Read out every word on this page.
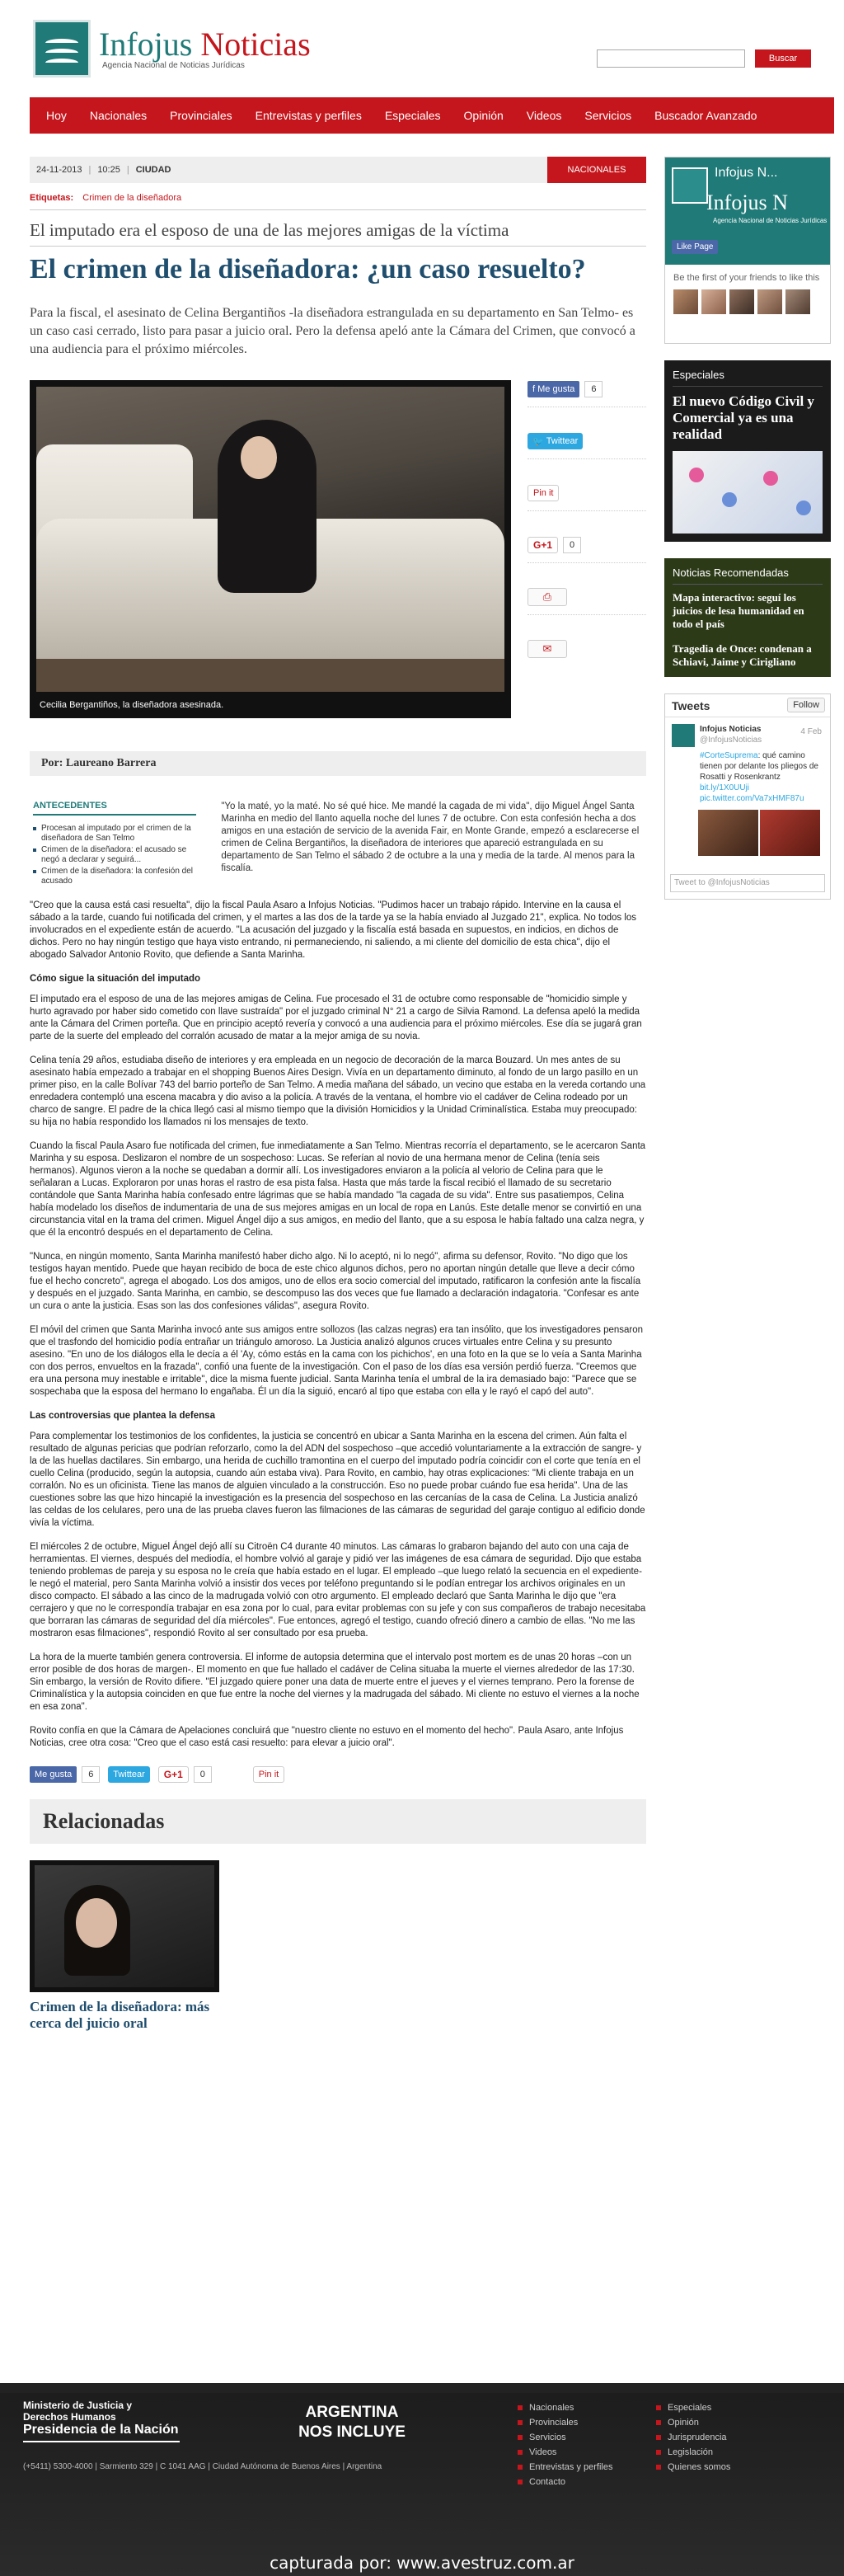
Infojus Noticias
Agencia Nacional de Noticias Jurídicas
Buscar
Hoy	Nacionales	Provinciales	Entrevistas y perfiles	Especiales	Opinión	Videos	Servicios	Buscador Avanzado
24-11-2013 | 10:25 | CIUDAD	NACIONALES
Etiquetas: Crimen de la diseñadora
El imputado era el esposo de una de las mejores amigas de la víctima
El crimen de la diseñadora: ¿un caso resuelto?

Para la fiscal, el asesinato de Celina Bergantiños -la diseñadora estrangulada en su departamento en San Telmo- es un caso casi cerrado, listo para pasar a juicio oral. Pero la defensa apeló ante la Cámara del Crimen, que convocó a una audiencia para el próximo miércoles.

Cecilia Bergantiños, la diseñadora asesinada.
f Me gusta	6
🐦 Twittear
Pin it
G+1	0
⎙
✉
Por: Laureano Barrera
ANTECEDENTES
Procesan al imputado por el crimen de la diseñadora de San Telmo
Crimen de la diseñadora: el acusado se negó a declarar y seguirá...
Crimen de la diseñadora: la confesión del acusado
"Yo la maté, yo la maté. No sé qué hice. Me mandé la cagada de mi vida", dijo Miguel Ángel Santa Marinha en medio del llanto aquella noche del lunes 7 de octubre. Con esta confesión hecha a dos amigos en una estación de servicio de la avenida Fair, en Monte Grande, empezó a esclarecerse el crimen de Celina Bergantiños, la diseñadora de interiores que apareció estrangulada en su departamento de San Telmo el sábado 2 de octubre a la una y media de la tarde. Al menos para la fiscalía.

"Creo que la causa está casi resuelta", dijo la fiscal Paula Asaro a Infojus Noticias. "Pudimos hacer un trabajo rápido. Intervine en la causa el sábado a la tarde, cuando fui notificada del crimen, y el martes a las dos de la tarde ya se la había enviado al Juzgado 21", explica. No todos los involucrados en el expediente están de acuerdo. "La acusación del juzgado y la fiscalía está basada en supuestos, en indicios, en dichos de dichos. Pero no hay ningún testigo que haya visto entrando, ni permaneciendo, ni saliendo, a mi cliente del domicilio de esta chica", dijo el abogado Salvador Antonio Rovito, que defiende a Santa Marinha.

Cómo sigue la situación del imputado

El imputado era el esposo de una de las mejores amigas de Celina. Fue procesado el 31 de octubre como responsable de "homicidio simple y hurto agravado por haber sido cometido con llave sustraída" por el juzgado criminal N° 21 a cargo de Silvia Ramond. La defensa apeló la medida ante la Cámara del Crimen porteña. Que en principio aceptó revería y convocó a una audiencia para el próximo miércoles. Ese día se jugará gran parte de la suerte del empleado del corralón acusado de matar a la mejor amiga de su novia.

Celina tenía 29 años, estudiaba diseño de interiores y era empleada en un negocio de decoración de la marca Bouzard. Un mes antes de su asesinato había empezado a trabajar en el shopping Buenos Aires Design. Vivía en un departamento diminuto, al fondo de un largo pasillo en un primer piso, en la calle Bolívar 743 del barrio porteño de San Telmo. A media mañana del sábado, un vecino que estaba en la vereda cortando una enredadera contempló una escena macabra y dio aviso a la policía. A través de la ventana, el hombre vio el cadáver de Celina rodeado por un charco de sangre. El padre de la chica llegó casi al mismo tiempo que la división Homicidios y la Unidad Criminalística. Estaba muy preocupado: su hija no había respondido los llamados ni los mensajes de texto.

Cuando la fiscal Paula Asaro fue notificada del crimen, fue inmediatamente a San Telmo. Mientras recorría el departamento, se le acercaron Santa Marinha y su esposa. Deslizaron el nombre de un sospechoso: Lucas. Se referían al novio de una hermana menor de Celina (tenía seis hermanos). Algunos vieron a la noche se quedaban a dormir allí. Los investigadores enviaron a la policía al velorio de Celina para que le señalaran a Lucas. Exploraron por unas horas el rastro de esa pista falsa. Hasta que más tarde la fiscal recibió el llamado de su secretario contándole que Santa Marinha había confesado entre lágrimas que se había mandado "la cagada de su vida". Entre sus pasatiempos, Celina había modelado los diseños de indumentaria de una de sus mejores amigas en un local de ropa en Lanús. Este detalle menor se convirtió en una circunstancia vital en la trama del crimen. Miguel Ángel dijo a sus amigos, en medio del llanto, que a su esposa le había faltado una calza negra, y que él la encontró después en el departamento de Celina.

"Nunca, en ningún momento, Santa Marinha manifestó haber dicho algo. Ni lo aceptó, ni lo negó", afirma su defensor, Rovito. "No digo que los testigos hayan mentido. Puede que hayan recibido de boca de este chico algunos dichos, pero no aportan ningún detalle que lleve a decir cómo fue el hecho concreto", agrega el abogado. Los dos amigos, uno de ellos era socio comercial del imputado, ratificaron la confesión ante la fiscalía y después en el juzgado. Santa Marinha, en cambio, se descompuso las dos veces que fue llamado a declaración indagatoria. "Confesar es ante un cura o ante la justicia. Esas son las dos confesiones válidas", asegura Rovito.

El móvil del crimen que Santa Marinha invocó ante sus amigos entre sollozos (las calzas negras) era tan insólito, que los investigadores pensaron que el trasfondo del homicidio podía entrañar un triángulo amoroso. La Justicia analizó algunos cruces virtuales entre Celina y su presunto asesino. "En uno de los diálogos ella le decía a él 'Ay, cómo estás en la cama con los pichichos', en una foto en la que se lo veía a Santa Marinha con dos perros, envueltos en la frazada", confió una fuente de la investigación. Con el paso de los días esa versión perdió fuerza. "Creemos que era una persona muy inestable e irritable", dice la misma fuente judicial. Santa Marinha tenía el umbral de la ira demasiado bajo: "Parece que se sospechaba que la esposa del hermano lo engañaba. Él un día la siguió, encaró al tipo que estaba con ella y le rayó el capó del auto".

Las controversias que plantea la defensa

Para complementar los testimonios de los confidentes, la justicia se concentró en ubicar a Santa Marinha en la escena del crimen. Aún falta el resultado de algunas pericias que podrían reforzarlo, como la del ADN del sospechoso –que accedió voluntariamente a la extracción de sangre- y la de las huellas dactilares. Sin embargo, una herida de cuchillo tramontina en el cuerpo del imputado podría coincidir con el corte que tenía en el cuello Celina (producido, según la autopsia, cuando aún estaba viva). Para Rovito, en cambio, hay otras explicaciones: "Mi cliente trabaja en un corralón. No es un oficinista. Tiene las manos de alguien vinculado a la construcción. Eso no puede probar cuándo fue esa herida". Una de las cuestiones sobre las que hizo hincapié la investigación es la presencia del sospechoso en las cercanías de la casa de Celina. La Justicia analizó las celdas de los celulares, pero una de las prueba claves fueron las filmaciones de las cámaras de seguridad del garaje contiguo al edificio donde vivía la víctima.

El miércoles 2 de octubre, Miguel Ángel dejó allí su Citroën C4 durante 40 minutos. Las cámaras lo grabaron bajando del auto con una caja de herramientas. El viernes, después del mediodía, el hombre volvió al garaje y pidió ver las imágenes de esa cámara de seguridad. Dijo que estaba teniendo problemas de pareja y su esposa no le creía que había estado en el lugar. El empleado –que luego relató la secuencia en el expediente- le negó el material, pero Santa Marinha volvió a insistir dos veces por teléfono preguntando si le podían entregar los archivos originales en un disco compacto. El sábado a las cinco de la madrugada volvió con otro argumento. El empleado declaró que Santa Marinha le dijo que "era cerrajero y que no le correspondía trabajar en esa zona por lo cual, para evitar problemas con su jefe y con sus compañeros de trabajo necesitaba que borraran las cámaras de seguridad del día miércoles". Fue entonces, agregó el testigo, cuando ofreció dinero a cambio de ellas. "No me las mostraron esas filmaciones", respondió Rovito al ser consultado por esa prueba.

La hora de la muerte también genera controversia. El informe de autopsia determina que el intervalo post mortem es de unas 20 horas –con un error posible de dos horas de margen-. El momento en que fue hallado el cadáver de Celina situaba la muerte el viernes alrededor de las 17:30. Sin embargo, la versión de Rovito difiere. "El juzgado quiere poner una data de muerte entre el jueves y el viernes temprano. Pero la forense de Criminalística y la autopsia coinciden en que fue entre la noche del viernes y la madrugada del sábado. Mi cliente no estuvo el viernes a la noche en esa zona".

Rovito confía en que la Cámara de Apelaciones concluirá que "nuestro cliente no estuvo en el momento del hecho". Paula Asaro, ante Infojus Noticias, cree otra cosa: "Creo que el caso está casi resuelto: para elevar a juicio oral".

Me gusta	6	Twittear	G+1	0	Pin it
Relacionadas
Crimen de la diseñadora: más cerca del juicio oral
Infojus N...
Infojus N
Agencia Nacional de Noticias Jurídicas
Like Page
Be the first of your friends to like this
Especiales
El nuevo Código Civil y Comercial ya es una realidad
Noticias Recomendadas
Mapa interactivo: seguí los juicios de lesa humanidad en todo el país
Tragedia de Once: condenan a Schiavi, Jaime y Cirigliano
Tweets	Follow
4 Feb
Infojus Noticias
@InfojusNoticias
#CorteSuprema: qué camino tienen por delante los pliegos de Rosatti y Rosenkrantz bit.ly/1X0UUji pic.twitter.com/Va7xHMF87u
Tweet to @InfojusNoticias
Ministerio de Justicia y Derechos Humanos
Presidencia de la Nación
ARGENTINA NOS INCLUYE
(+5411) 5300-4000 | Sarmiento 329 | C 1041 AAG | Ciudad Autónoma de Buenos Aires | Argentina
Nacionales
Provinciales
Servicios
Videos
Entrevistas y perfiles
Contacto
Especiales
Opinión
Jurisprudencia
Legislación
Quienes somos
capturada por: www.avestruz.com.ar
